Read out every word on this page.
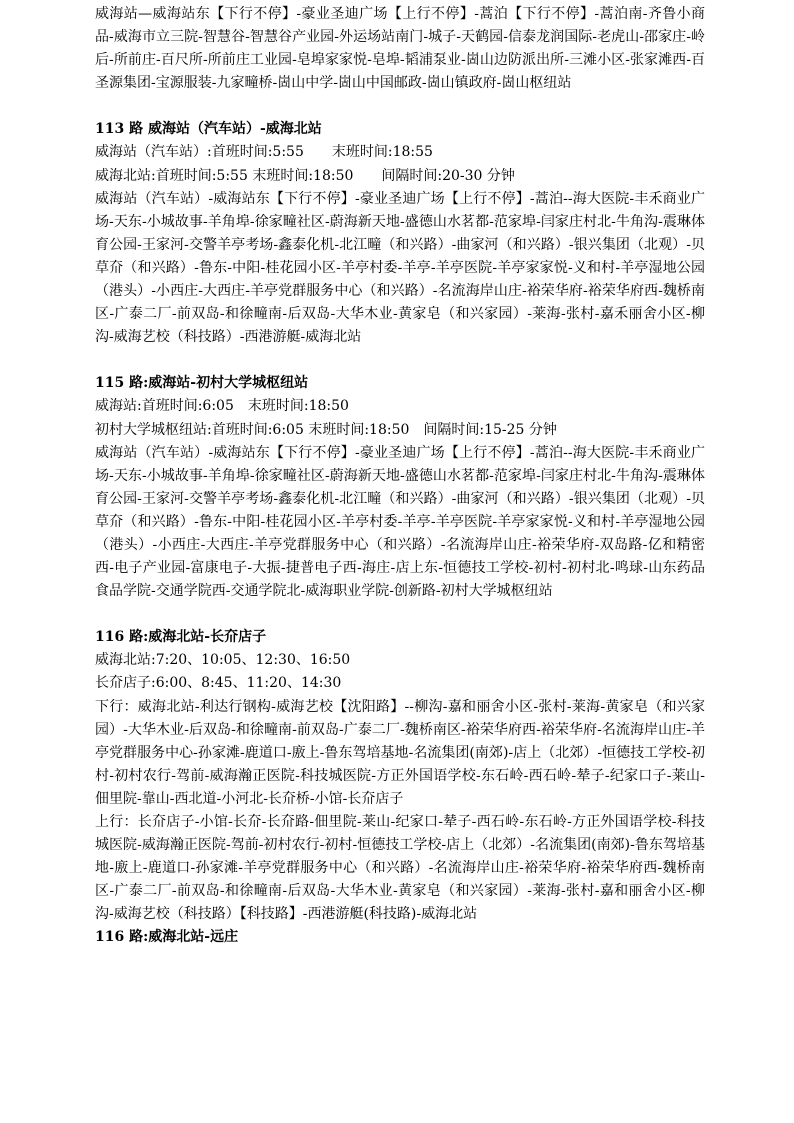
威海站—威海站东【下行不停】-豪业圣迪广场【上行不停】-蒿泊【下行不停】-蒿泊南-齐鲁小商品-威海市立三院-智慧谷-智慧谷产业园-外运场站南门-城子-天鹤园-信泰龙润国际-老虎山-邵家庄-岭后-所前庄-百尺所-所前庄工业园-皂埠家家悦-皂埠-韬浦泵业-崮山边防派出所-三滩小区-张家滩西-百圣源集团-宝源服装-九家疃桥-崮山中学-崮山中国邮政-崮山镇政府-崮山枢纽站

113 路 威海站（汽车站）-威海北站

威海站（汽车站）:首班时间:5:55　　末班时间:18:55

威海北站:首班时间:5:55 末班时间:18:50　　间隔时间:20-30 分钟

威海站（汽车站）-威海站东【下行不停】-豪业圣迪广场【上行不停】-蒿泊--海大医院-丰禾商业广场-天东-小城故事-羊角埠-徐家疃社区-蔚海新天地-盛德山水茗都-范家埠-闫家庄村北-牛角沟-震琳体育公园-王家河-交警羊亭考场-鑫泰化机-北江疃（和兴路）-曲家河（和兴路）-银兴集团（北观）-贝草夼（和兴路）-鲁东-中阳-桂花园小区-羊亭村委-羊亭-羊亭医院-羊亭家家悦-义和村-羊亭湿地公园（港头）-小西庄-大西庄-羊亭党群服务中心（和兴路）-名流海岸山庄-裕荣华府-裕荣华府西-魏桥南区-广泰二厂-前双岛-和徐疃南-后双岛-大华木业-黄家皂（和兴家园）-莱海-张村-嘉禾丽舍小区-柳沟-威海艺校（科技路）-西港游艇-威海北站

115 路:威海站-初村大学城枢纽站

威海站:首班时间:6:05　末班时间:18:50

初村大学城枢纽站:首班时间:6:05 末班时间:18:50　间隔时间:15-25 分钟

威海站（汽车站）-威海站东【下行不停】-豪业圣迪广场【上行不停】-蒿泊--海大医院-丰禾商业广场-天东-小城故事-羊角埠-徐家疃社区-蔚海新天地-盛德山水茗都-范家埠-闫家庄村北-牛角沟-震琳体育公园-王家河-交警羊亭考场-鑫泰化机-北江疃（和兴路）-曲家河（和兴路）-银兴集团（北观）-贝草夼（和兴路）-鲁东-中阳-桂花园小区-羊亭村委-羊亭-羊亭医院-羊亭家家悦-义和村-羊亭湿地公园（港头）-小西庄-大西庄-羊亭党群服务中心（和兴路）-名流海岸山庄-裕荣华府-双岛路-亿和精密西-电子产业园-富康电子-大振-捷普电子西-海庄-店上东-恒德技工学校-初村-初村北-鸣球-山东药品食品学院-交通学院西-交通学院北-威海职业学院-创新路-初村大学城枢纽站

116 路:威海北站-长夼店子

威海北站:7:20、10:05、12:30、16:50

长夼店子:6:00、8:45、11:20、14:30

下行：威海北站-利达行钢构-威海艺校【沈阳路】--柳沟-嘉和丽舍小区-张村-莱海-黄家皂（和兴家园）-大华木业-后双岛-和徐疃南-前双岛-广泰二厂-魏桥南区-裕荣华府西-裕荣华府-名流海岸山庄-羊亭党群服务中心-孙家滩-鹿道口-廒上-鲁东驾培基地-名流集团(南郊)-店上（北郊）-恒德技工学校-初村-初村农行-驾前-威海瀚正医院-科技城医院-方正外国语学校-东石岭-西石岭-辇子-纪家口子-莱山-佃里院-靠山-西北道-小河北-长夼桥-小馆-长夼店子

上行：长夼店子-小馆-长夼-长夼路-佃里院-莱山-纪家口-辇子-西石岭-东石岭-方正外国语学校-科技城医院-威海瀚正医院-驾前-初村农行-初村-恒德技工学校-店上（北郊）-名流集团(南郊)-鲁东驾培基地-廒上-鹿道口-孙家滩-羊亭党群服务中心（和兴路）-名流海岸山庄-裕荣华府-裕荣华府西-魏桥南区-广泰二厂-前双岛-和徐疃南-后双岛-大华木业-黄家皂（和兴家园）-莱海-张村-嘉和丽舍小区-柳沟-威海艺校（科技路）【科技路】-西港游艇(科技路)-威海北站

116 路:威海北站-远庄
